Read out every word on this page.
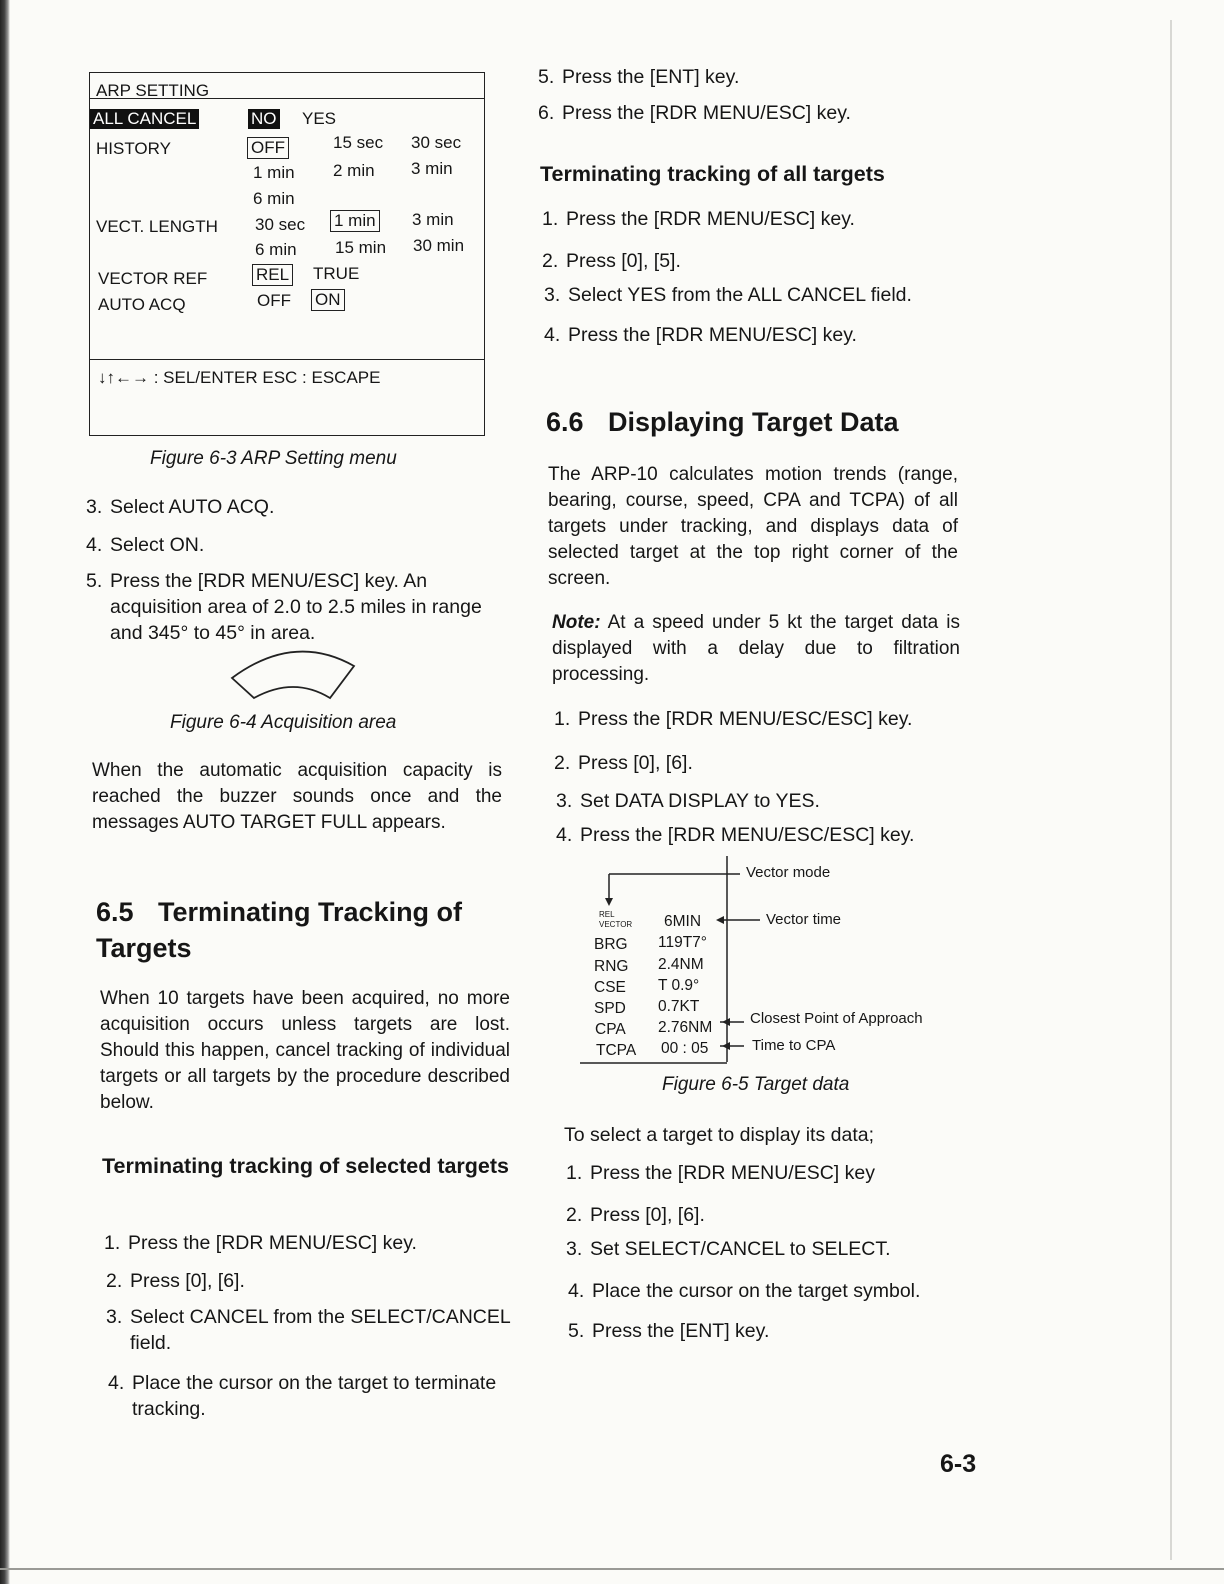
ARP SETTING
ALL CANCEL	NO YES
HISTORY	OFF	15 sec 30 sec
1 min 2 min 3 min
6 min
VECT. LENGTH 30 sec 1 min 3 min
6 min 15 min 30 min
VECTOR REF	REL TRUE
AUTO ACQ	OFF ON
↓↑←→ : SEL/ENTER ESC : ESCAPE
Figure 6-3 ARP Setting menu
3. Select AUTO ACQ.
4. Select ON.
5. Press the [RDR MENU/ESC] key. An acquisition area of 2.0 to 2.5 miles in range and 345° to 45° in area.
Figure 6-4 Acquisition area
When the automatic acquisition capacity is reached the buzzer sounds once and the messages AUTO TARGET FULL appears.
6.5 Terminating Tracking of Targets
When 10 targets have been acquired, no more acquisition occurs unless targets are lost. Should this happen, cancel tracking of individual targets or all targets by the procedure described below.
Terminating tracking of selected targets
1. Press the [RDR MENU/ESC] key.
2. Press [0], [6].
3. Select CANCEL from the SELECT/CANCEL field.
4. Place the cursor on the target to terminate tracking.
5. Press the [ENT] key.
6. Press the [RDR MENU/ESC] key.
Terminating tracking of all targets
1. Press the [RDR MENU/ESC] key.
2. Press [0], [5].
3. Select YES from the ALL CANCEL field.
4. Press the [RDR MENU/ESC] key.
6.6 Displaying Target Data
The ARP-10 calculates motion trends (range, bearing, course, speed, CPA and TCPA) of all targets under tracking, and displays data of selected target at the top right corner of the screen.
Note: At a speed under 5 kt the target data is displayed with a delay due to filtration processing.
1. Press the [RDR MENU/ESC/ESC] key.
2. Press [0], [6].
3. Set DATA DISPLAY to YES.
4. Press the [RDR MENU/ESC/ESC] key.
Vector mode
Vector time
Closest Point of Approach
Time to CPA
REL
VECTOR 6MIN
BRG 119T7°
RNG 2.4NM
CSE T 0.9°
SPD 0.7KT
CPA 2.76NM
TCPA 00 : 05
Figure 6-5 Target data
To select a target to display its data;
1. Press the [RDR MENU/ESC] key
2. Press [0], [6].
3. Set SELECT/CANCEL to SELECT.
4. Place the cursor on the target symbol.
5. Press the [ENT] key.
6-3
